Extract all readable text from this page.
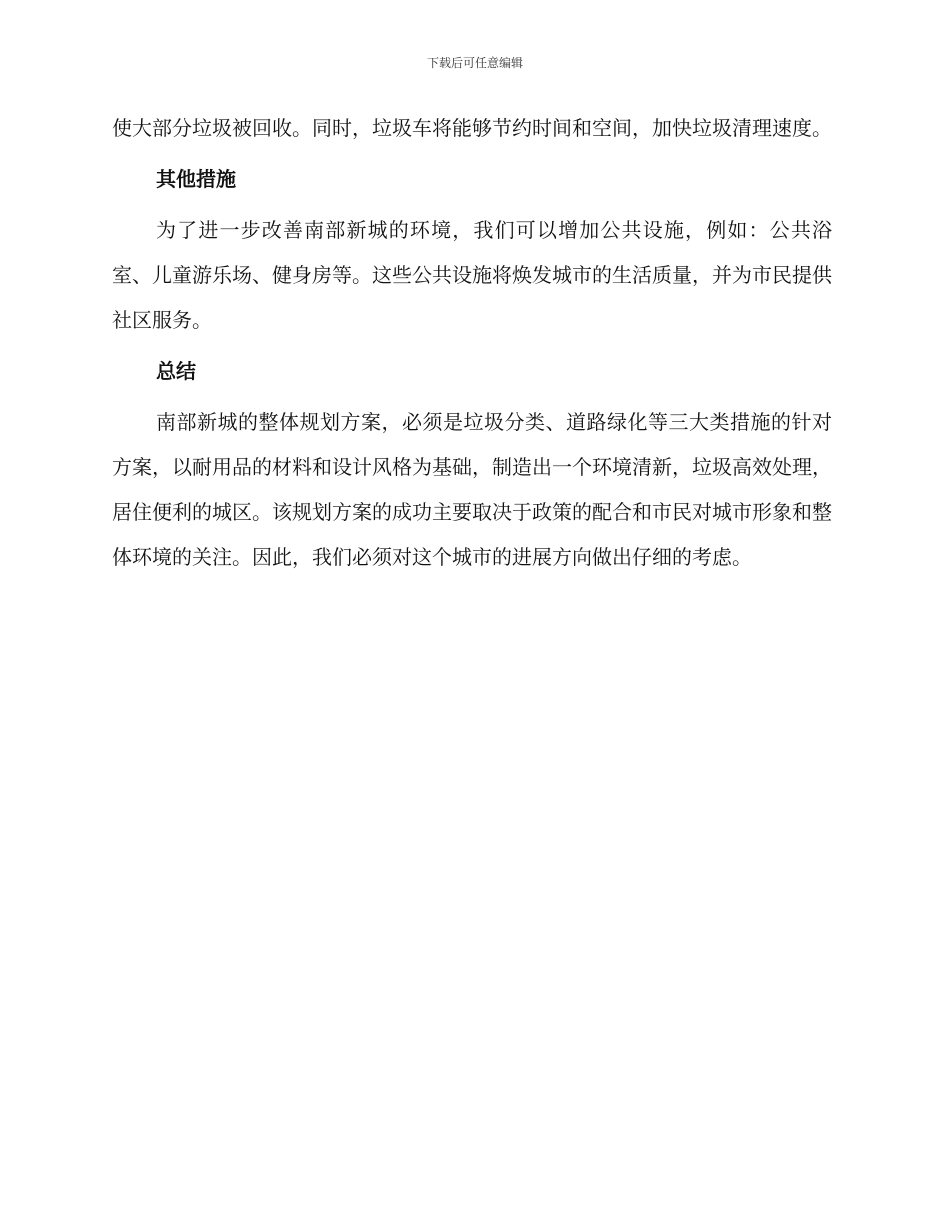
下载后可任意编辑

使大部分垃圾被回收。同时，垃圾车将能够节约时间和空间，加快垃圾清理速度。

其他措施

为了进一步改善南部新城的环境，我们可以增加公共设施，例如：公共浴室、儿童游乐场、健身房等。这些公共设施将焕发城市的生活质量，并为市民提供社区服务。

总结

南部新城的整体规划方案，必须是垃圾分类、道路绿化等三大类措施的针对方案，以耐用品的材料和设计风格为基础，制造出一个环境清新，垃圾高效处理，居住便利的城区。该规划方案的成功主要取决于政策的配合和市民对城市形象和整体环境的关注。因此，我们必须对这个城市的进展方向做出仔细的考虑。
